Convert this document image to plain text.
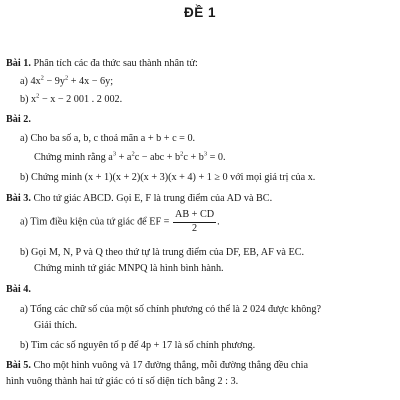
ĐỀ 1
Bài 1. Phân tích các đa thức sau thành nhân tử:
a) $4x^2 - 9y^2 + 4x - 6y$;
b) $x^2 - x - 2$ 001 . 2 002.
Bài 2.
a) Cho ba số a, b, c thoả mãn a + b + c = 0.
Chứng minh rằng $a^3 + a^2c$ − abc + $b^2c + b^3 = 0$.
b) Chứng minh (x + 1)(x + 2)(x + 3)(x + 4) + 1 ≥ 0 với mọi giá trị của x.
Bài 3. Cho tứ giác ABCD. Gọi E, F là trung điểm của AD và BC.
a) Tìm điều kiện của tứ giác để EF = $\frac{AB + CD}{2}$ .
b) Gọi M, N, P và Q theo thứ tự là trung điểm của DF, EB, AF và EC.
Chứng minh tứ giác MNPQ là hình bình hành.
Bài 4.
a) Tổng các chữ số của một số chính phương có thể là 2 024 được không?
Giải thích.
b) Tìm các số nguyên tố p để 4p + 17 là số chính phương.
Bài 5. Cho một hình vuông và 17 đường thẳng, mỗi đường thẳng đều chia
hình vuông thành hai tứ giác có tỉ số diện tích bằng 2 : 3.
